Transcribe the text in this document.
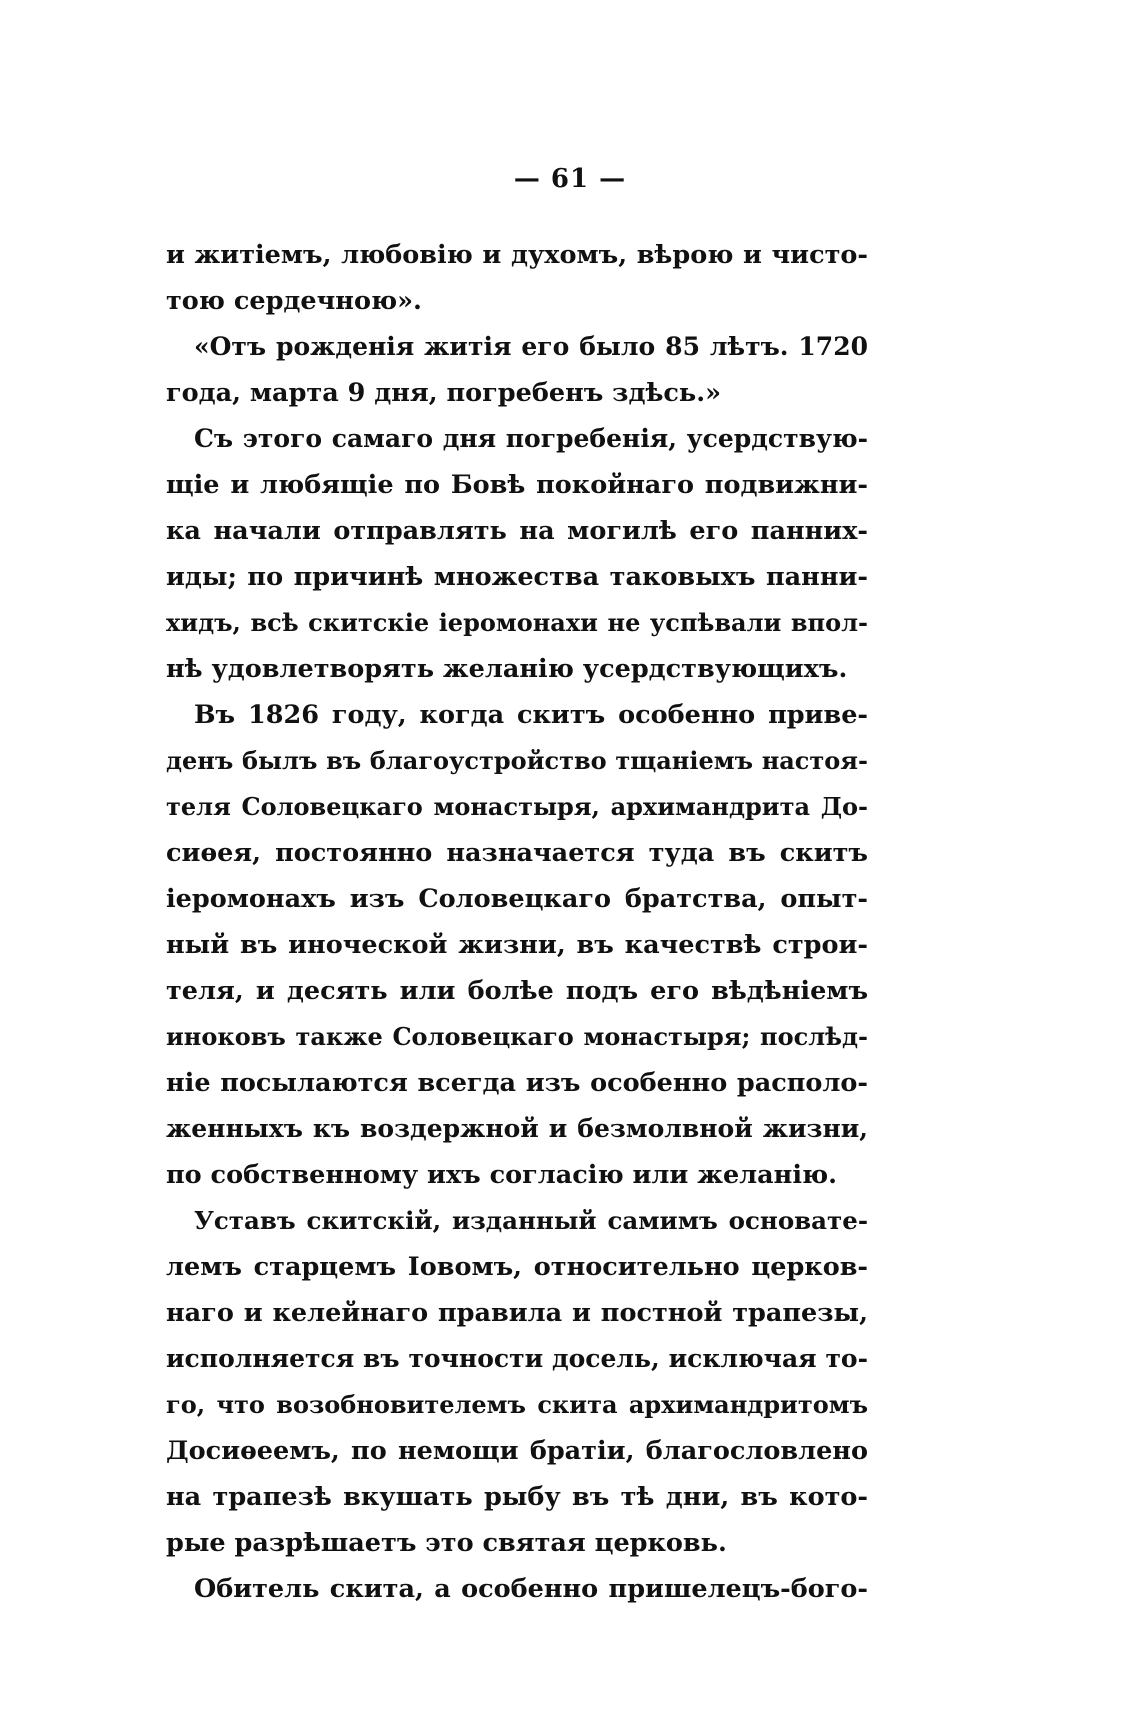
— 61 —
и житіемъ, любовію и духомъ, вѣрою и чисто-
тою сердечною».
«Отъ рожденія житія его было 85 лѣтъ. 1720
года, марта 9 дня, погребенъ здѣсь.»
Съ этого самаго дня погребенія, усердствую-
щіе и любящіе по Бовѣ покойнаго подвижни-
ка начали отправлять на могилѣ его панних-
иды; по причинѣ множества таковыхъ панни-
хидъ, всѣ скитскіе іеромонахи не успѣвали впол-
нѣ удовлетворять желанію усердствующихъ.
Въ 1826 году, когда скитъ особенно приве-
денъ былъ въ благоустройство тщаніемъ настоя-
теля Соловецкаго монастыря, архимандрита До-
сиѳея, постоянно назначается туда въ скитъ
іеромонахъ изъ Соловецкаго братства, опыт-
ный въ иноческой жизни, въ качествѣ строи-
теля, и десять или болѣе подъ его вѣдѣніемъ
иноковъ также Соловецкаго монастыря; послѣд-
ніе посылаются всегда изъ особенно располо-
женныхъ къ воздержной и безмолвной жизни,
по собственному ихъ согласію или желанію.
Уставъ скитскій, изданный самимъ основате-
лемъ старцемъ Іовомъ, относительно церков-
наго и келейнаго правила и постной трапезы,
исполняется въ точности досель, исключая то-
го, что возобновителемъ скита архимандритомъ
Досиѳеемъ, по немощи братіи, благословлено
на трапезѣ вкушать рыбу въ тѣ дни, въ кото-
рые разрѣшаетъ это святая церковь.
Обитель скита, а особенно пришелецъ-бого-
